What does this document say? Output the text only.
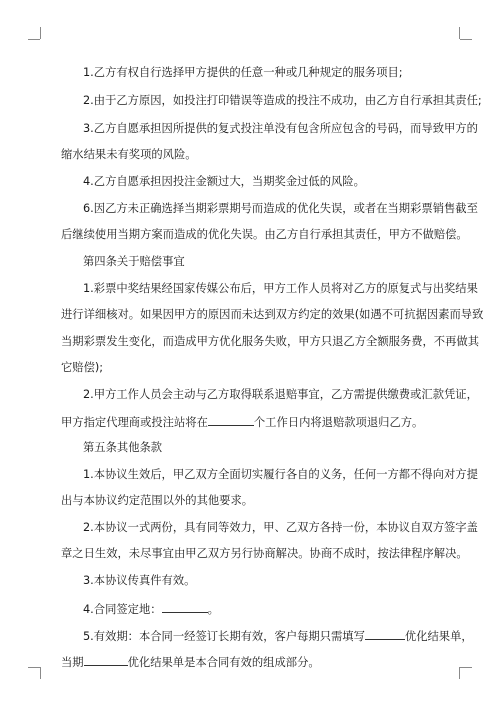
1.乙方有权自行选择甲方提供的任意一种或几种规定的服务项目;
2.由于乙方原因，如投注打印错误等造成的投注不成功，由乙方自行承担其责任;
3.乙方自愿承担因所提供的复式投注单没有包含所应包含的号码，而导致甲方的
缩水结果未有奖项的风险。
4.乙方自愿承担因投注金额过大，当期奖金过低的风险。
6.因乙方未正确选择当期彩票期号而造成的优化失误，或者在当期彩票销售截至
后继续使用当期方案而造成的优化失误。由乙方自行承担其责任，甲方不做赔偿。
第四条关于赔偿事宜
1.彩票中奖结果经国家传媒公布后，甲方工作人员将对乙方的原复式与出奖结果
进行详细核对。如果因甲方的原因而未达到双方约定的效果(如遇不可抗据因素而导致
当期彩票发生变化，而造成甲方优化服务失败，甲方只退乙方全额服务费，不再做其
它赔偿);
2.甲方工作人员会主动与乙方取得联系退赔事宜，乙方需提供缴费或汇款凭证，
甲方指定代理商或投注站将在	个工作日内将退赔款项退归乙方。
第五条其他条款
1.本协议生效后，甲乙双方全面切实履行各自的义务，任何一方都不得向对方提
出与本协议约定范围以外的其他要求。
2.本协议一式两份，具有同等效力，甲、乙双方各持一份，本协议自双方签字盖
章之日生效，未尽事宜由甲乙双方另行协商解决。协商不成时，按法律程序解决。
3.本协议传真件有效。
4.合同签定地：	。
5.有效期：本合同一经签订长期有效，客户每期只需填写	优化结果单，
当期	优化结果单是本合同有效的组成部分。
